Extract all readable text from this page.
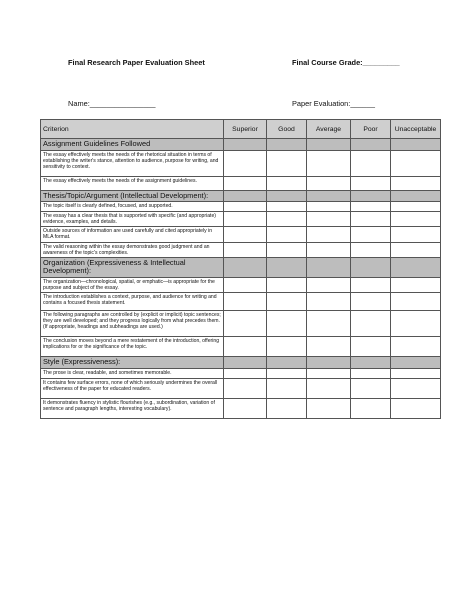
Final Research Paper Evaluation Sheet	Final Course Grade:_________
Name:________________	Paper Evaluation:______
Criterion	Superior	Good	Average	Poor	Unacceptable
Assignment Guidelines Followed					
The essay effectively meets the needs of the rhetorical situation in terms of establishing the writer's stance, attention to audience, purpose for writing, and sensitivity to context.					
The essay effectively meets the needs of the assignment guidelines.					
Thesis/Topic/Argument (Intellectual Development):					
The topic itself is clearly defined, focused, and supported.					
The essay has a clear thesis that is supported with specific (and appropriate) evidence, examples, and details.					
Outside sources of information are used carefully and cited appropriately in MLA format.					
The valid reasoning within the essay demonstrates good judgment and an awareness of the topic's complexities.					
Organization (Expressiveness & Intellectual Development):					
The organization—chronological, spatial, or emphatic—is appropriate for the purpose and subject of the essay.					
The introduction establishes a context, purpose, and audience for writing and contains a focused thesis statement.					
The following paragraphs are controlled by (explicit or implicit) topic sentences; they are well developed; and they progress logically from what precedes them. (If appropriate, headings and subheadings are used.)					
The conclusion moves beyond a mere restatement of the introduction, offering implications for or the significance of the topic.					
Style (Expressiveness):					
The prose is clear, readable, and sometimes memorable.					
It contains few surface errors, none of which seriously undermines the overall effectiveness of the paper for educated readers.					
It demonstrates fluency in stylistic flourishes (e.g., subordination, variation of sentence and paragraph lengths, interesting vocabulary).					
